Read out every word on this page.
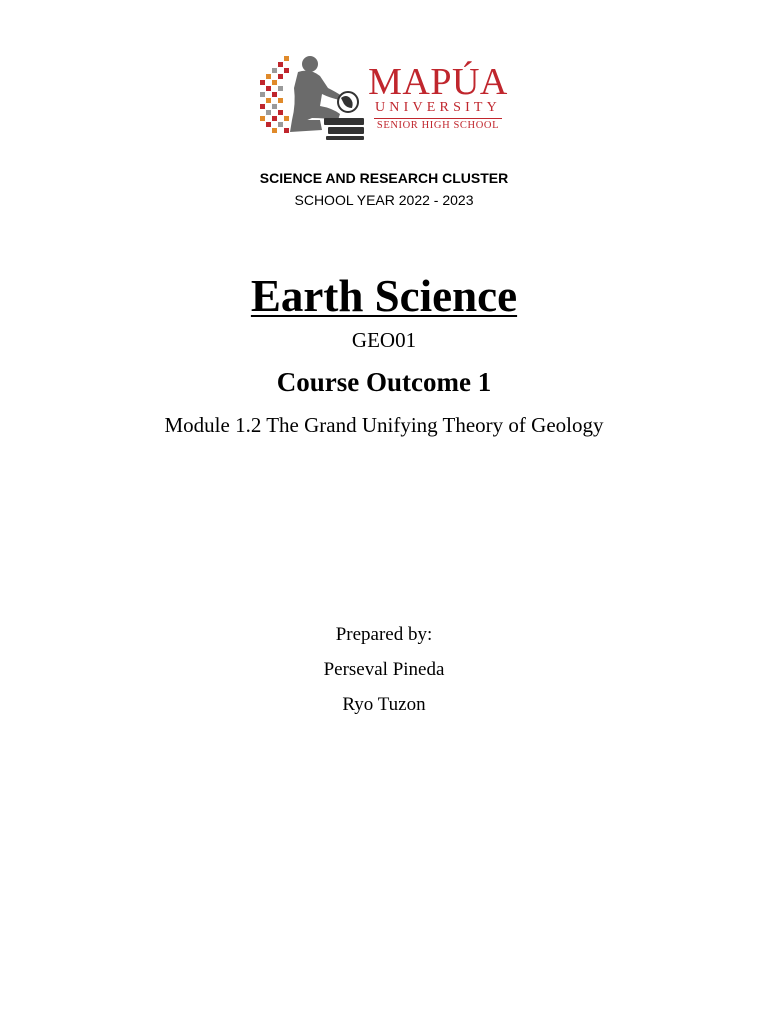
MAPÚA
UNIVERSITY
SENIOR HIGH SCHOOL
SCIENCE AND RESEARCH CLUSTER
SCHOOL YEAR 2022 - 2023
Earth Science
GEO01
Course Outcome 1
Module 1.2 The Grand Unifying Theory of Geology
Prepared by:
Perseval Pineda
Ryo Tuzon
